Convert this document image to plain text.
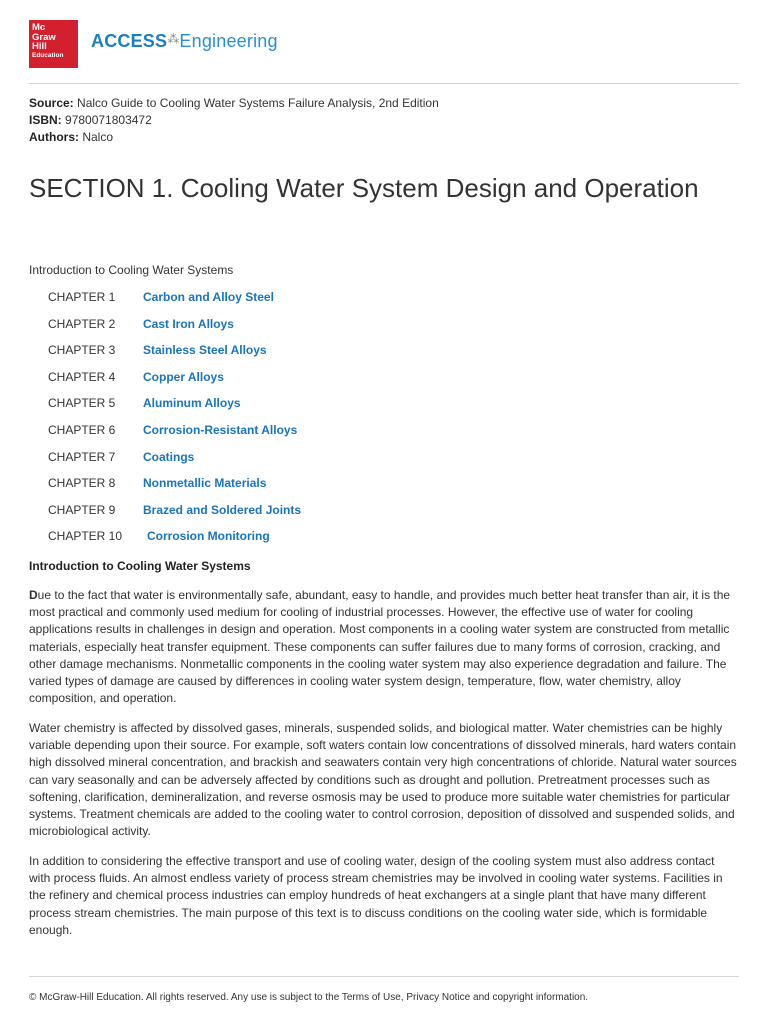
Mc
Graw
Hill
Education
ACCESS⁂Engineering
Source: Nalco Guide to Cooling Water Systems Failure Analysis, 2nd Edition
ISBN: 9780071803472
Authors: Nalco
SECTION 1. Cooling Water System Design and Operation
Introduction to Cooling Water Systems
CHAPTER 1 Carbon and Alloy Steel
CHAPTER 2 Cast Iron Alloys
CHAPTER 3 Stainless Steel Alloys
CHAPTER 4 Copper Alloys
CHAPTER 5 Aluminum Alloys
CHAPTER 6 Corrosion-Resistant Alloys
CHAPTER 7 Coatings
CHAPTER 8 Nonmetallic Materials
CHAPTER 9 Brazed and Soldered Joints
CHAPTER 10 Corrosion Monitoring
Introduction to Cooling Water Systems

Due to the fact that water is environmentally safe, abundant, easy to handle, and provides much better heat transfer than air, it is the most practical and commonly used medium for cooling of industrial processes. However, the effective use of water for cooling applications results in challenges in design and operation. Most components in a cooling water system are constructed from metallic materials, especially heat transfer equipment. These components can suffer failures due to many forms of corrosion, cracking, and other damage mechanisms. Nonmetallic components in the cooling water system may also experience degradation and failure. The varied types of damage are caused by differences in cooling water system design, temperature, flow, water chemistry, alloy composition, and operation.

Water chemistry is affected by dissolved gases, minerals, suspended solids, and biological matter. Water chemistries can be highly variable depending upon their source. For example, soft waters contain low concentrations of dissolved minerals, hard waters contain high dissolved mineral concentration, and brackish and seawaters contain very high concentrations of chloride. Natural water sources can vary seasonally and can be adversely affected by conditions such as drought and pollution. Pretreatment processes such as softening, clarification, demineralization, and reverse osmosis may be used to produce more suitable water chemistries for particular systems. Treatment chemicals are added to the cooling water to control corrosion, deposition of dissolved and suspended solids, and microbiological activity.

In addition to considering the effective transport and use of cooling water, design of the cooling system must also address contact with process fluids. An almost endless variety of process stream chemistries may be involved in cooling water systems. Facilities in the refinery and chemical process industries can employ hundreds of heat exchangers at a single plant that have many different process stream chemistries. The main purpose of this text is to discuss conditions on the cooling water side, which is formidable enough.

© McGraw-Hill Education. All rights reserved. Any use is subject to the Terms of Use, Privacy Notice and copyright information.
